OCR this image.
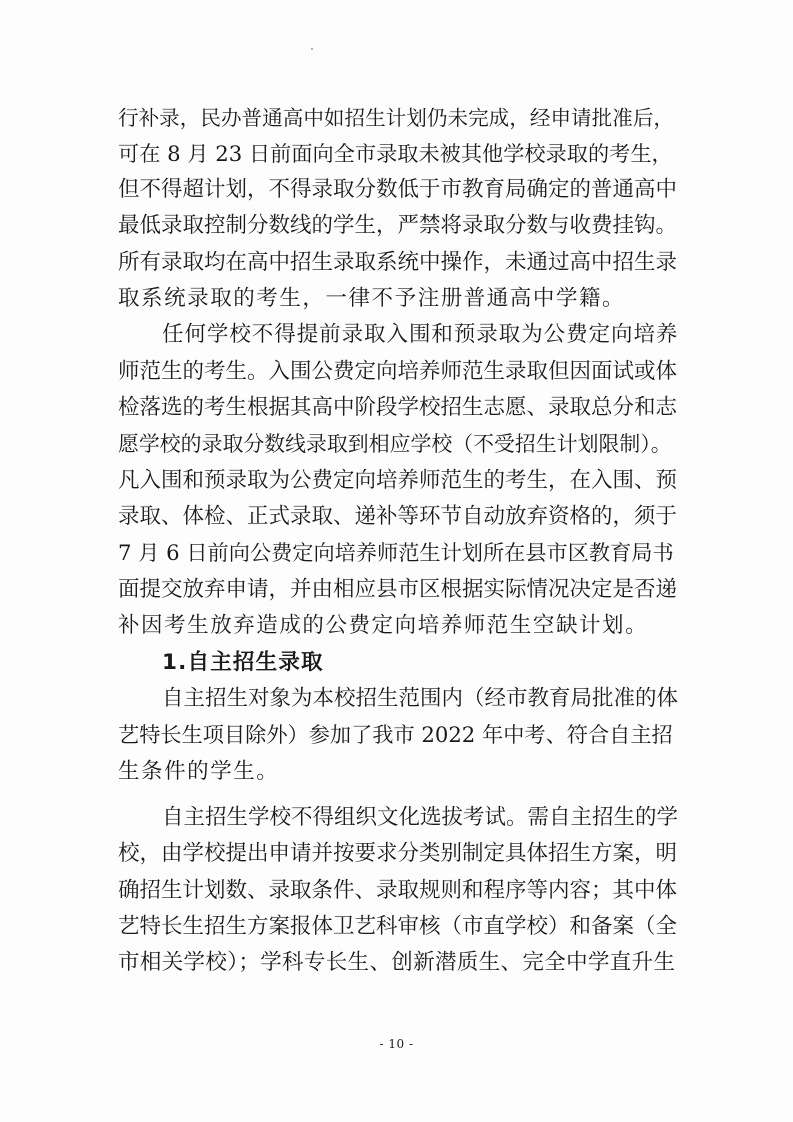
行补录，民办普通高中如招生计划仍未完成，经申请批准后，
可在 8 月 23 日前面向全市录取未被其他学校录取的考生，
但不得超计划，不得录取分数低于市教育局确定的普通高中
最低录取控制分数线的学生，严禁将录取分数与收费挂钩。
所有录取均在高中招生录取系统中操作，未通过高中招生录
取系统录取的考生，一律不予注册普通高中学籍。
任何学校不得提前录取入围和预录取为公费定向培养
师范生的考生。入围公费定向培养师范生录取但因面试或体
检落选的考生根据其高中阶段学校招生志愿、录取总分和志
愿学校的录取分数线录取到相应学校（不受招生计划限制）。
凡入围和预录取为公费定向培养师范生的考生，在入围、预
录取、体检、正式录取、递补等环节自动放弃资格的，须于
7 月 6 日前向公费定向培养师范生计划所在县市区教育局书
面提交放弃申请，并由相应县市区根据实际情况决定是否递
补因考生放弃造成的公费定向培养师范生空缺计划。
1.自主招生录取
自主招生对象为本校招生范围内（经市教育局批准的体
艺特长生项目除外）参加了我市 2022 年中考、符合自主招
生条件的学生。
自主招生学校不得组织文化选拔考试。需自主招生的学
校，由学校提出申请并按要求分类别制定具体招生方案，明
确招生计划数、录取条件、录取规则和程序等内容；其中体
艺特长生招生方案报体卫艺科审核（市直学校）和备案（全
市相关学校）；学科专长生、创新潜质生、完全中学直升生
- 10 -
